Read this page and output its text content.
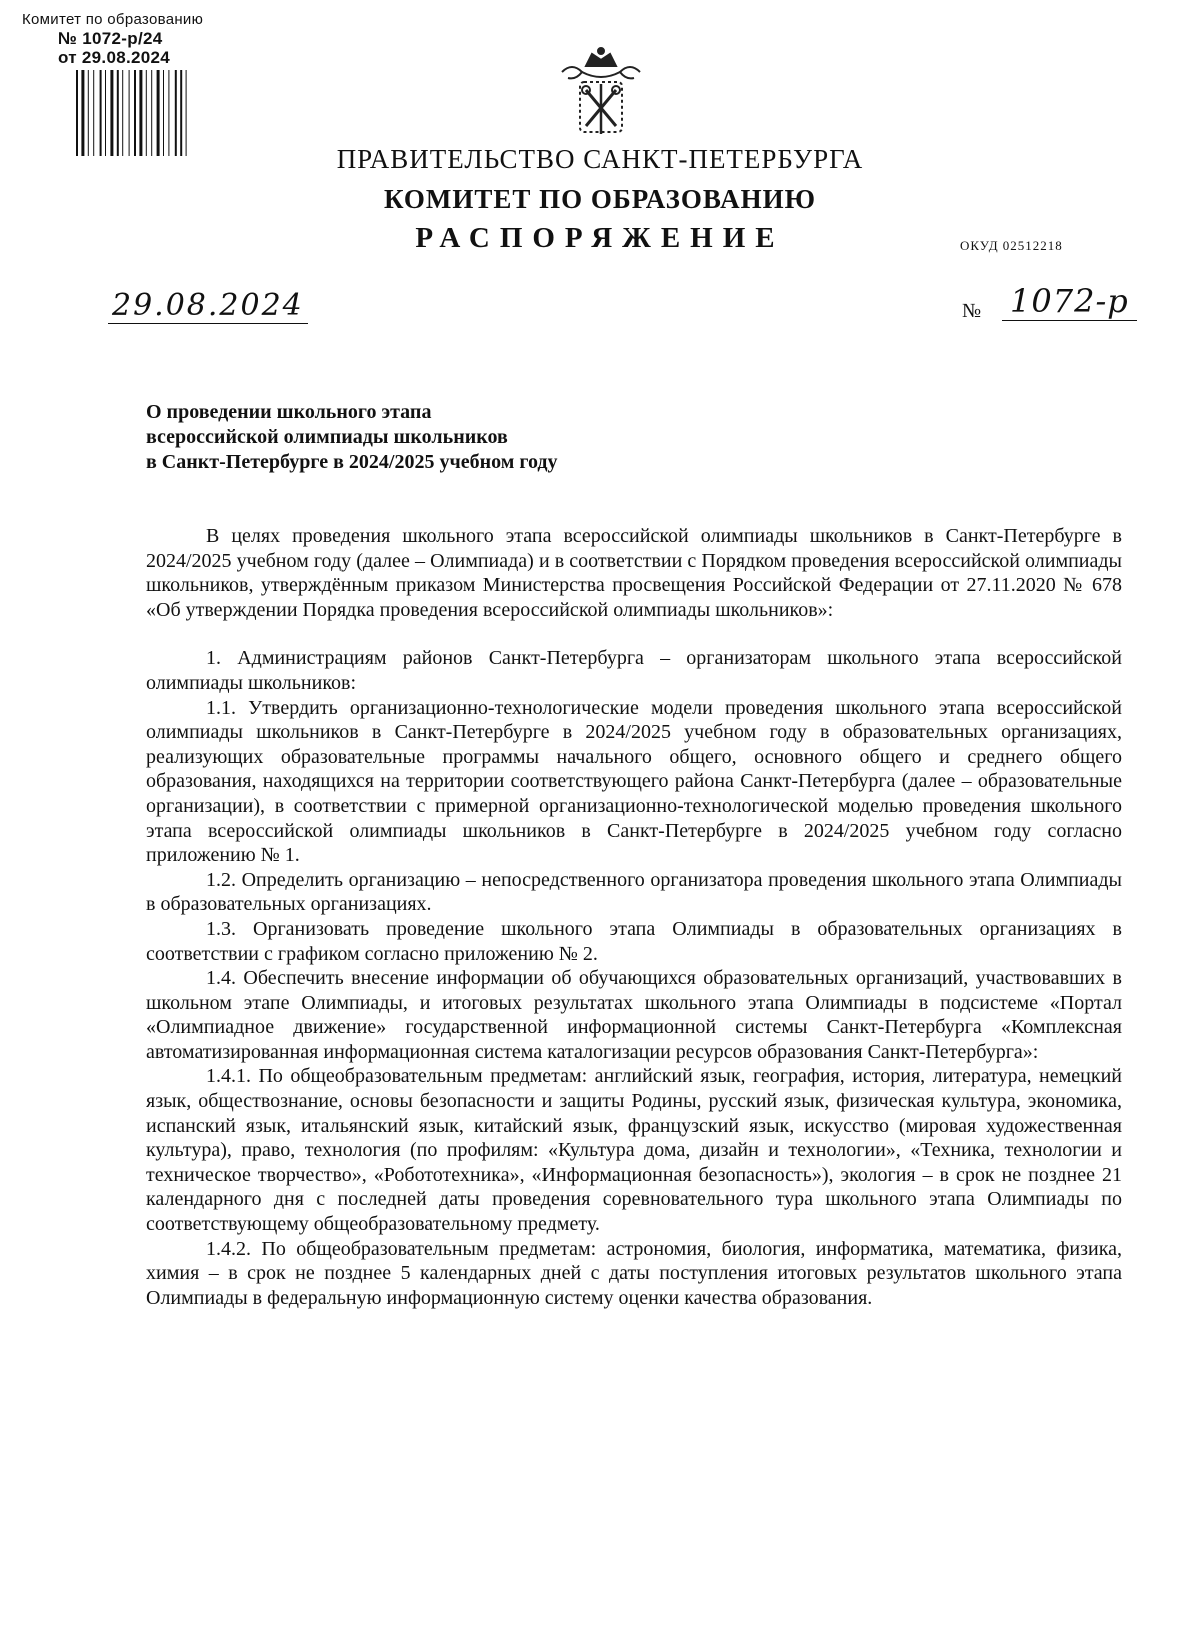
Комитет по образованию
№ 1072-р/24
от 29.08.2024
ПРАВИТЕЛЬСТВО САНКТ-ПЕТЕРБУРГА
КОМИТЕТ ПО ОБРАЗОВАНИЮ
РАСПОРЯЖЕНИЕ	ОКУД 02512218
29.08.2024	№ 1072-р
О проведении школьного этапа
всероссийской олимпиады школьников
в Санкт-Петербурге в 2024/2025 учебном году

В целях проведения школьного этапа всероссийской олимпиады школьников в Санкт-Петербурге в 2024/2025 учебном году (далее – Олимпиада) и в соответствии с Порядком проведения всероссийской олимпиады школьников, утверждённым приказом Министерства просвещения Российской Федерации от 27.11.2020 № 678 «Об утверждении Порядка проведения всероссийской олимпиады школьников»:

1. Администрациям районов Санкт-Петербурга – организаторам школьного этапа всероссийской олимпиады школьников:

1.1. Утвердить организационно-технологические модели проведения школьного этапа всероссийской олимпиады школьников в Санкт-Петербурге в 2024/2025 учебном году в образовательных организациях, реализующих образовательные программы начального общего, основного общего и среднего общего образования, находящихся на территории соответствующего района Санкт-Петербурга (далее – образовательные организации), в соответствии с примерной организационно-технологической моделью проведения школьного этапа всероссийской олимпиады школьников в Санкт-Петербурге в 2024/2025 учебном году согласно приложению № 1.

1.2. Определить организацию – непосредственного организатора проведения школьного этапа Олимпиады в образовательных организациях.

1.3. Организовать проведение школьного этапа Олимпиады в образовательных организациях в соответствии с графиком согласно приложению № 2.

1.4. Обеспечить внесение информации об обучающихся образовательных организаций, участвовавших в школьном этапе Олимпиады, и итоговых результатах школьного этапа Олимпиады в подсистеме «Портал «Олимпиадное движение» государственной информационной системы Санкт-Петербурга «Комплексная автоматизированная информационная система каталогизации ресурсов образования Санкт-Петербурга»:

1.4.1. По общеобразовательным предметам: английский язык, география, история, литература, немецкий язык, обществознание, основы безопасности и защиты Родины, русский язык, физическая культура, экономика, испанский язык, итальянский язык, китайский язык, французский язык, искусство (мировая художественная культура), право, технология (по профилям: «Культура дома, дизайн и технологии», «Техника, технологии и техническое творчество», «Робототехника», «Информационная безопасность»), экология – в срок не позднее 21 календарного дня с последней даты проведения соревновательного тура школьного этапа Олимпиады по соответствующему общеобразовательному предмету.

1.4.2. По общеобразовательным предметам: астрономия, биология, информатика, математика, физика, химия – в срок не позднее 5 календарных дней с даты поступления итоговых результатов школьного этапа Олимпиады в федеральную информационную систему оценки качества образования.
